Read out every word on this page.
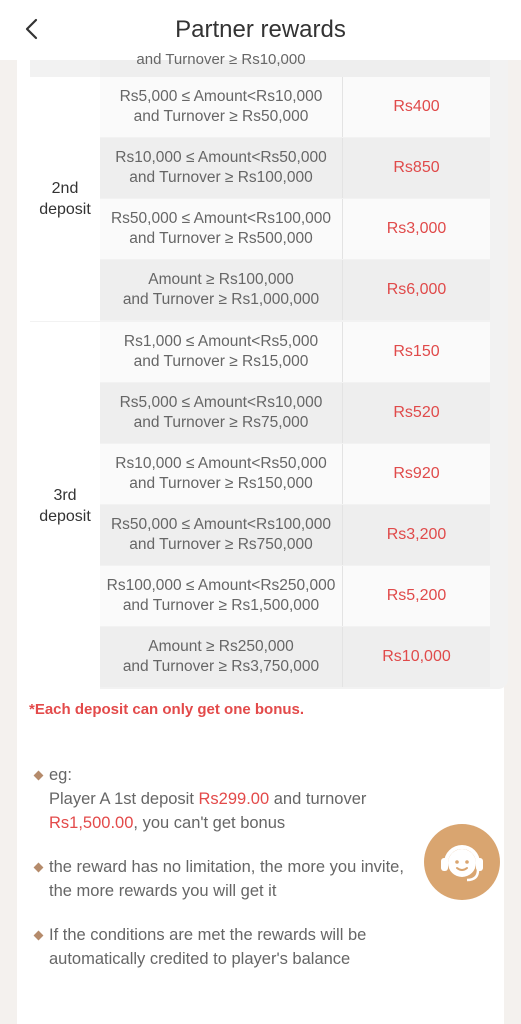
Partner rewards
and Turnover ≥ Rs10,000
2nd
deposit
Rs5,000 ≤ Amount<Rs10,000
and Turnover ≥ Rs50,000
Rs400
Rs10,000 ≤ Amount<Rs50,000
and Turnover ≥ Rs100,000
Rs850
Rs50,000 ≤ Amount<Rs100,000
and Turnover ≥ Rs500,000
Rs3,000
Amount ≥ Rs100,000
and Turnover ≥ Rs1,000,000
Rs6,000
3rd
deposit
Rs1,000 ≤ Amount<Rs5,000
and Turnover ≥ Rs15,000
Rs150
Rs5,000 ≤ Amount<Rs10,000
and Turnover ≥ Rs75,000
Rs520
Rs10,000 ≤ Amount<Rs50,000
and Turnover ≥ Rs150,000
Rs920
Rs50,000 ≤ Amount<Rs100,000
and Turnover ≥ Rs750,000
Rs3,200
Rs100,000 ≤ Amount<Rs250,000
and Turnover ≥ Rs1,500,000
Rs5,200
Amount ≥ Rs250,000
and Turnover ≥ Rs3,750,000
Rs10,000
*Each deposit can only get one bonus.
eg:
Player A 1st deposit Rs299.00 and turnover
Rs1,500.00, you can't get bonus
the reward has no limitation, the more you invite, the more rewards you will get it
If the conditions are met the rewards will be automatically credited to player's balance
